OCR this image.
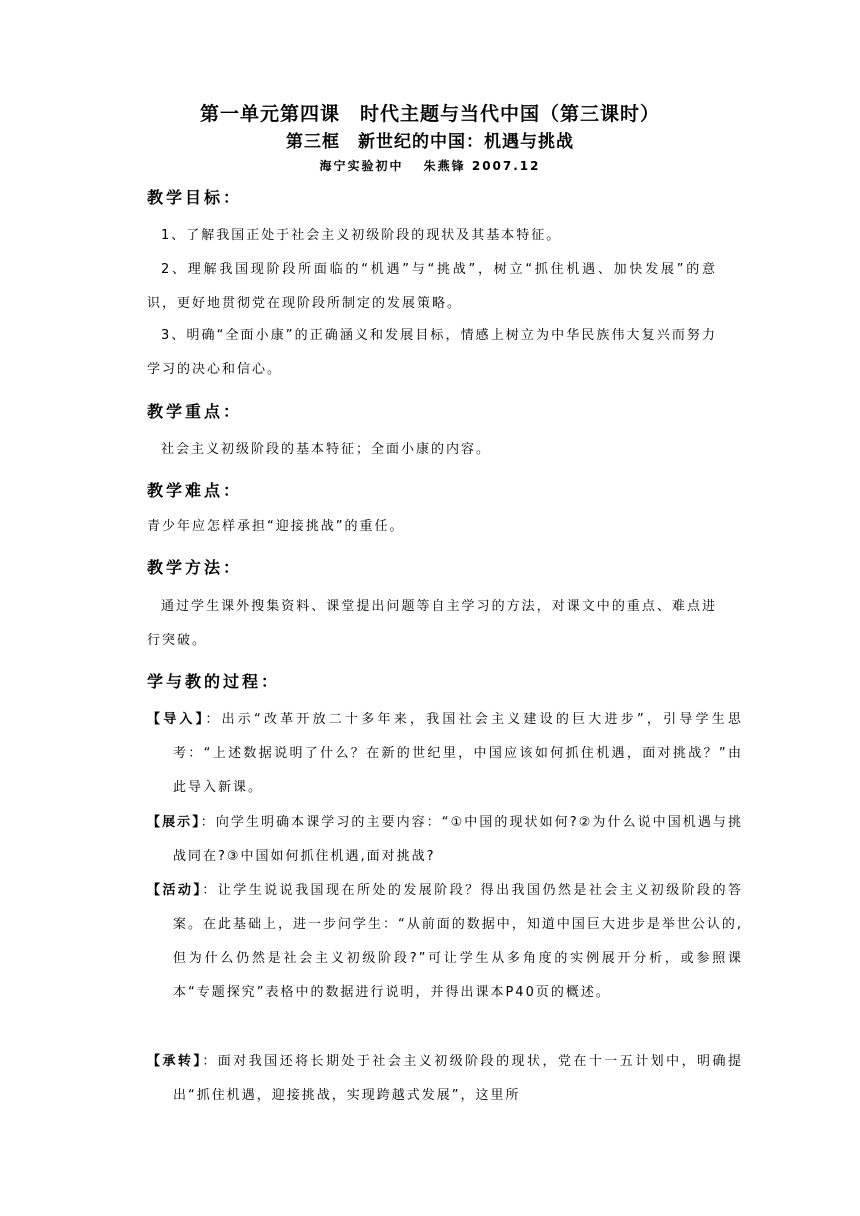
第一单元第四课　时代主题与当代中国（第三课时）
第三框　新世纪的中国：机遇与挑战
海宁实验初中　 朱燕锋 2007.12
教学目标：
1、了解我国正处于社会主义初级阶段的现状及其基本特征。
2、理解我国现阶段所面临的“机遇”与“挑战”，树立“抓住机遇、加快发展”的意识，更好地贯彻党在现阶段所制定的发展策略。
3、明确“全面小康”的正确涵义和发展目标，情感上树立为中华民族伟大复兴而努力学习的决心和信心。
教学重点：
社会主义初级阶段的基本特征；全面小康的内容。
教学难点：
青少年应怎样承担“迎接挑战”的重任。
教学方法：
通过学生课外搜集资料、课堂提出问题等自主学习的方法，对课文中的重点、难点进行突破。
学与教的过程：
【导入】：出示“改革开放二十多年来，我国社会主义建设的巨大进步”，引导学生思考：“上述数据说明了什么？在新的世纪里，中国应该如何抓住机遇，面对挑战？”由此导入新课。
【展示】：向学生明确本课学习的主要内容：“①中国的现状如何?②为什么说中国机遇与挑战同在?③中国如何抓住机遇,面对挑战?
【活动】：让学生说说我国现在所处的发展阶段？得出我国仍然是社会主义初级阶段的答案。在此基础上，进一步问学生：“从前面的数据中，知道中国巨大进步是举世公认的,但为什么仍然是社会主义初级阶段?”可让学生从多角度的实例展开分析，或参照课本“专题探究”表格中的数据进行说明，并得出课本P40页的概述。
【承转】：面对我国还将长期处于社会主义初级阶段的现状，党在十一五计划中，明确提出“抓住机遇，迎接挑战，实现跨越式发展”，这里所
